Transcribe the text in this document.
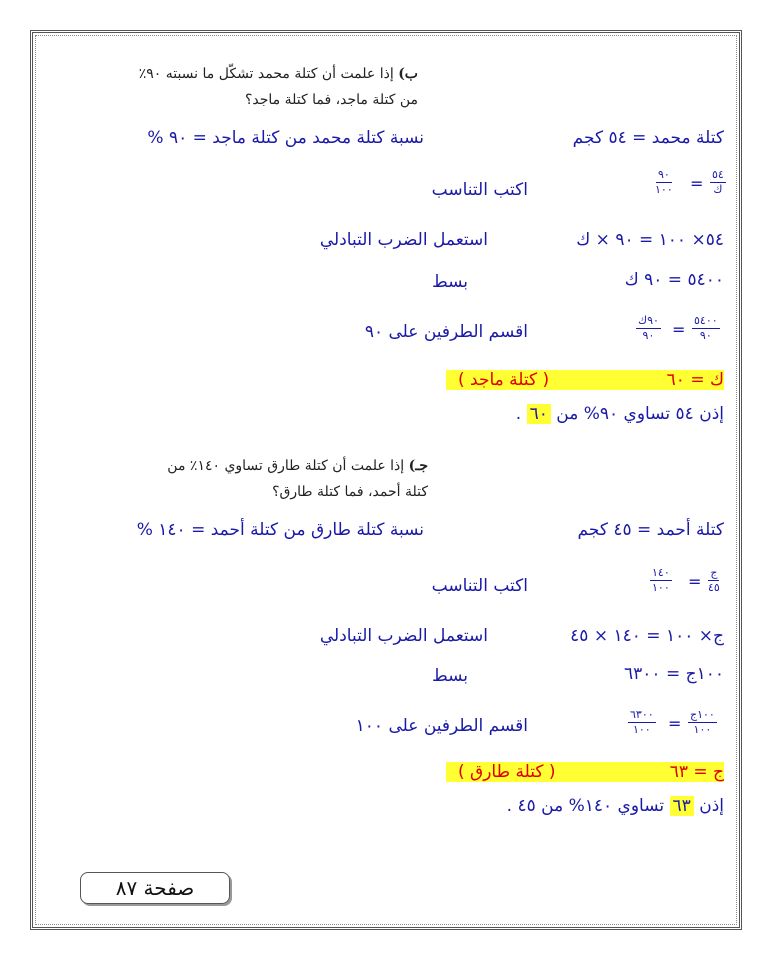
ب) إذا علمت أن كتلة محمد تشكّل ما نسبته ٩٠٪
من كتلة ماجد، فما كتلة ماجد؟
كتلة محمد = ٥٤ كجم
نسبة كتلة محمد من كتلة ماجد = ٩٠ %
٥٤
ك
=
٩٠
١٠٠
اكتب التناسب
٥٤× ١٠٠ = ٩٠ × ك
استعمل الضرب التبادلي
٥٤٠٠ = ٩٠ ك
بسط
٥٤٠٠
٩٠
=
٩٠ك
٩٠
اقسم الطرفين على ٩٠
ك = ٦٠
( كتلة ماجد )
إذن ٥٤ تساوي ٩٠% من ٦٠ .
جـ) إذا علمت أن كتلة طارق تساوي ١٤٠٪ من
كتلة أحمد، فما كتلة طارق؟
كتلة أحمد = ٤٥ كجم
نسبة كتلة طارق من كتلة أحمد = ١٤٠ %
ج
٤٥
=
١٤٠
١٠٠
اكتب التناسب
ج× ١٠٠ = ١٤٠ × ٤٥
استعمل الضرب التبادلي
١٠٠ج = ٦٣٠٠
بسط
١٠٠ج
١٠٠
=
٦٣٠٠
١٠٠
اقسم الطرفين على ١٠٠
ج = ٦٣
( كتلة طارق )
إذن ٦٣ تساوي ١٤٠% من ٤٥ .
صفحة ٨٧
